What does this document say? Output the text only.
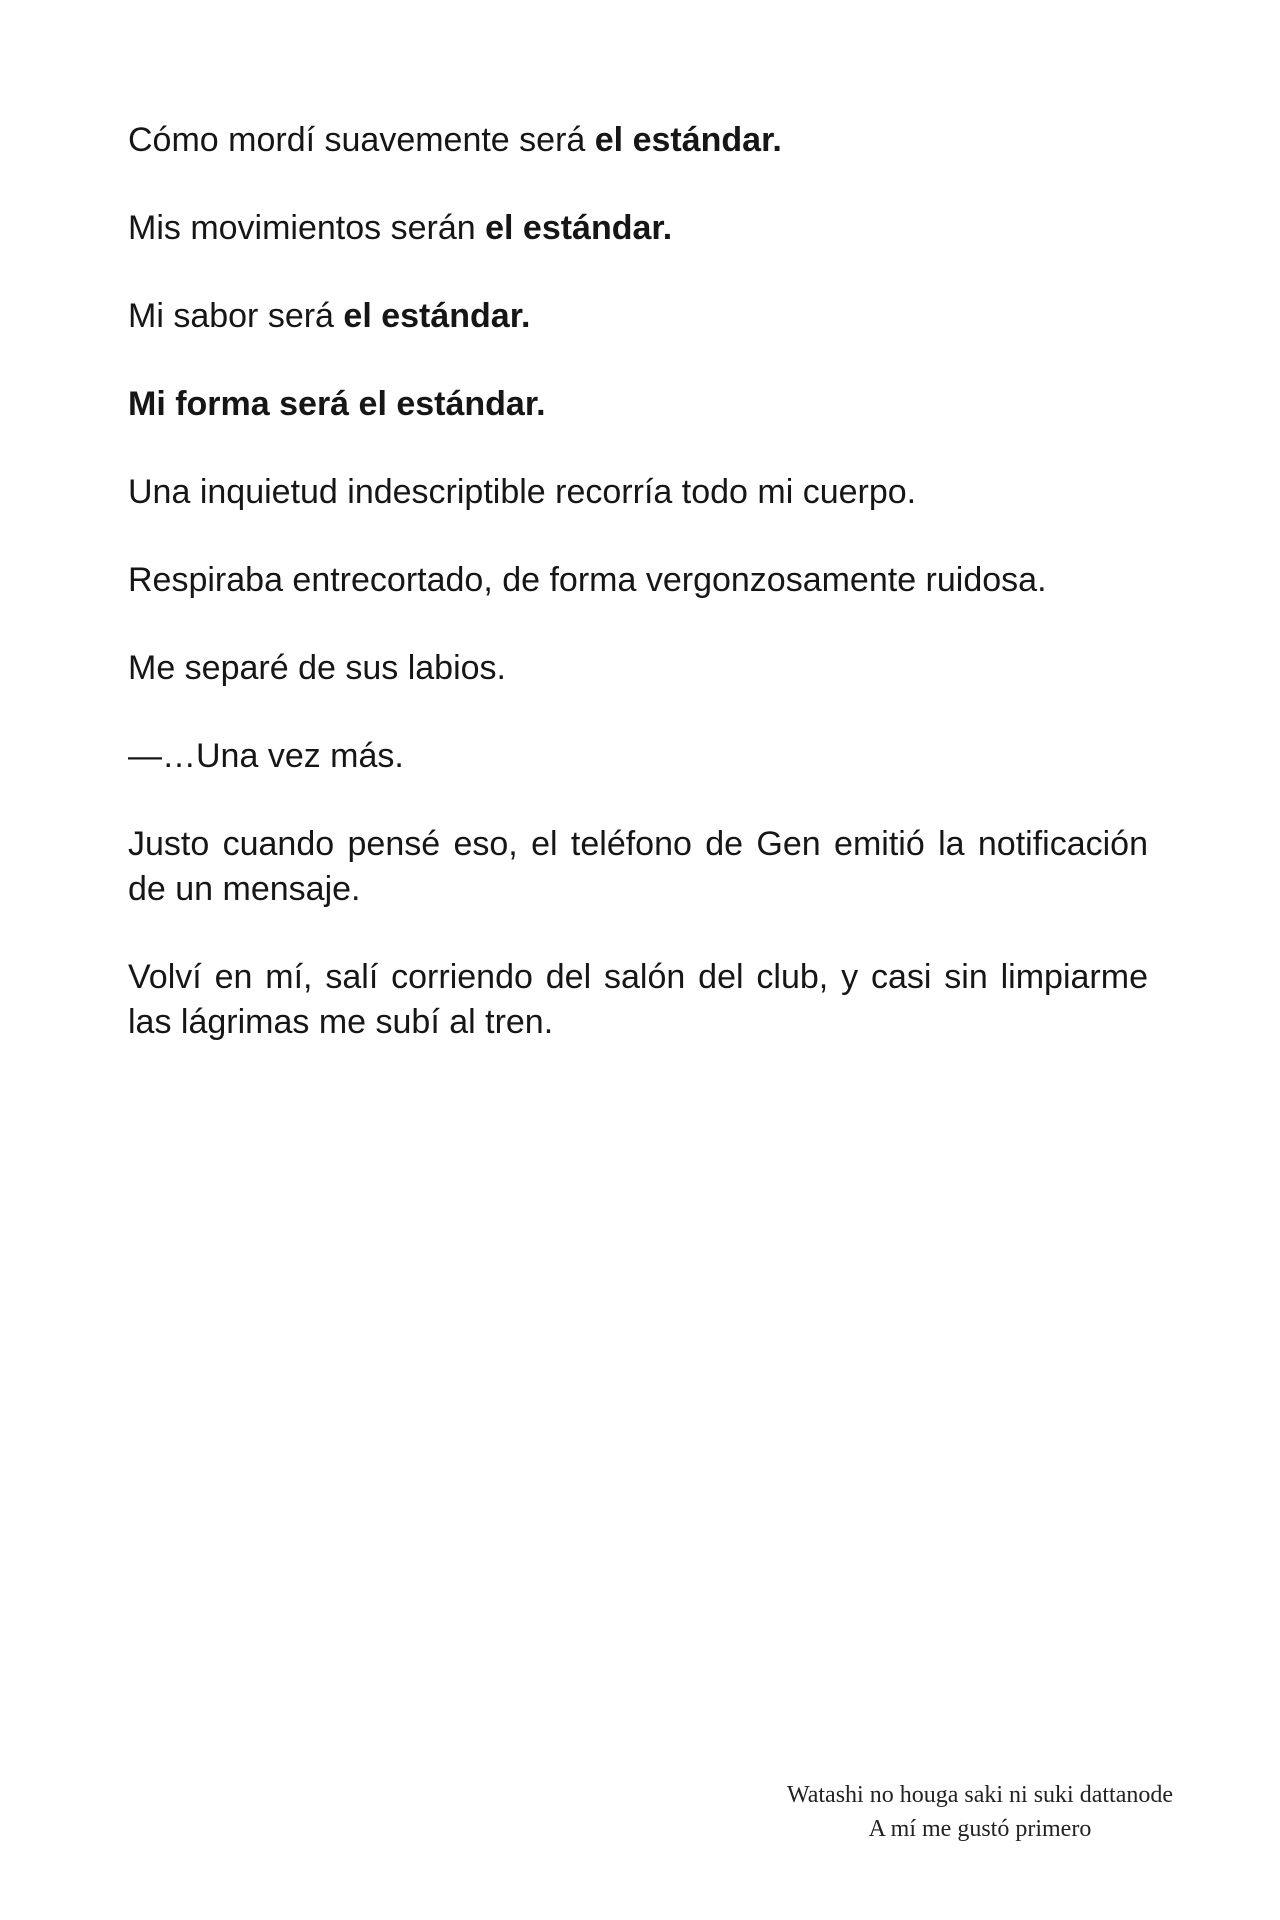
Cómo mordí suavemente será el estándar.

Mis movimientos serán el estándar.

Mi sabor será el estándar.

Mi forma será el estándar.

Una inquietud indescriptible recorría todo mi cuerpo.

Respiraba entrecortado, de forma vergonzosamente ruidosa.

Me separé de sus labios.

—…Una vez más.

Justo cuando pensé eso, el teléfono de Gen emitió la notificación de un mensaje.

Volví en mí, salí corriendo del salón del club, y casi sin limpiarme las lágrimas me subí al tren.

Watashi no houga saki ni suki dattanode
A mí me gustó primero
